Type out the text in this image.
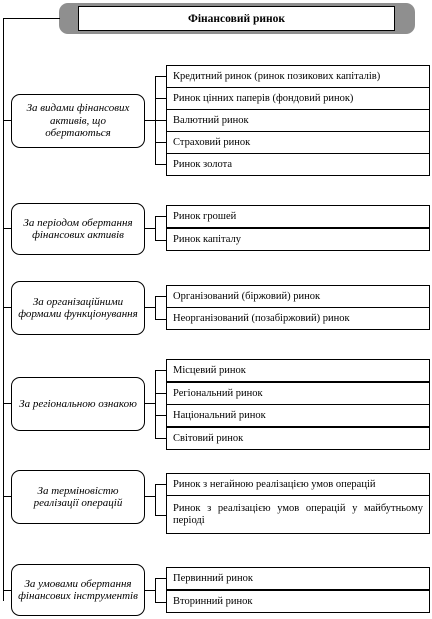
Фінансовий ринок
За видами фінансових активів, що обертаються
Кредитний ринок (ринок позикових капіталів)
Ринок цінних паперів (фондовий ринок)
Валютний ринок
Страховий ринок
Ринок золота
За періодом обертання фінансових активів
Ринок грошей
Ринок капіталу
За організаційними формами функціонування
Організований (біржовий) ринок
Неорганізований (позабіржовий) ринок
За регіональною ознакою
Місцевий ринок
Регіональний ринок
Національний ринок
Світовий ринок
За терміновістю реалізації операцій
Ринок з негайною реалізацією умов операцій
Ринок з реалізацією умов операцій у майбутньому періоді
За умовами обертання фінансових інструментів
Первинний ринок
Вторинний ринок
